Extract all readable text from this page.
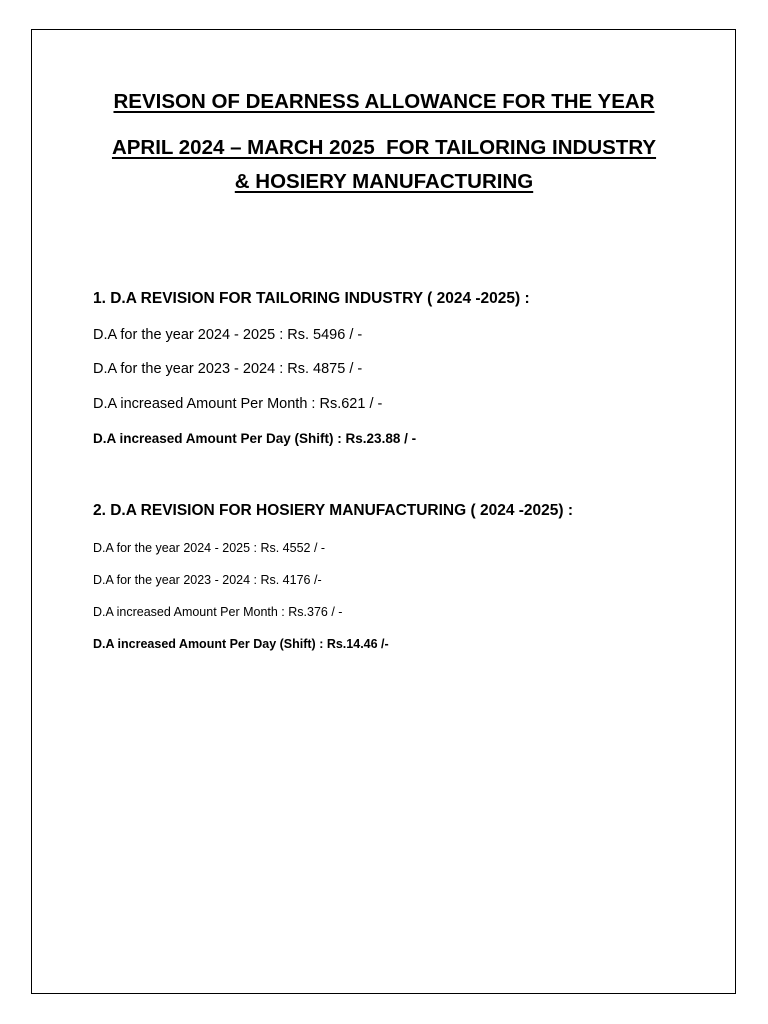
REVISON OF DEARNESS ALLOWANCE FOR THE YEAR
APRIL 2024 – MARCH 2025  FOR TAILORING INDUSTRY
& HOSIERY MANUFACTURING
1. D.A REVISION FOR TAILORING INDUSTRY ( 2024 -2025) :
D.A for the year 2024 - 2025 : Rs. 5496 / -
D.A for the year 2023 - 2024 : Rs. 4875 / -
D.A increased Amount Per Month : Rs.621 / -
D.A increased Amount Per Day (Shift) : Rs.23.88 / -
2. D.A REVISION FOR HOSIERY MANUFACTURING ( 2024 -2025) :
D.A for the year 2024 - 2025 : Rs. 4552 / -
D.A for the year 2023 - 2024 : Rs. 4176 /-
D.A increased Amount Per Month : Rs.376 / -
D.A increased Amount Per Day (Shift) : Rs.14.46 /-
